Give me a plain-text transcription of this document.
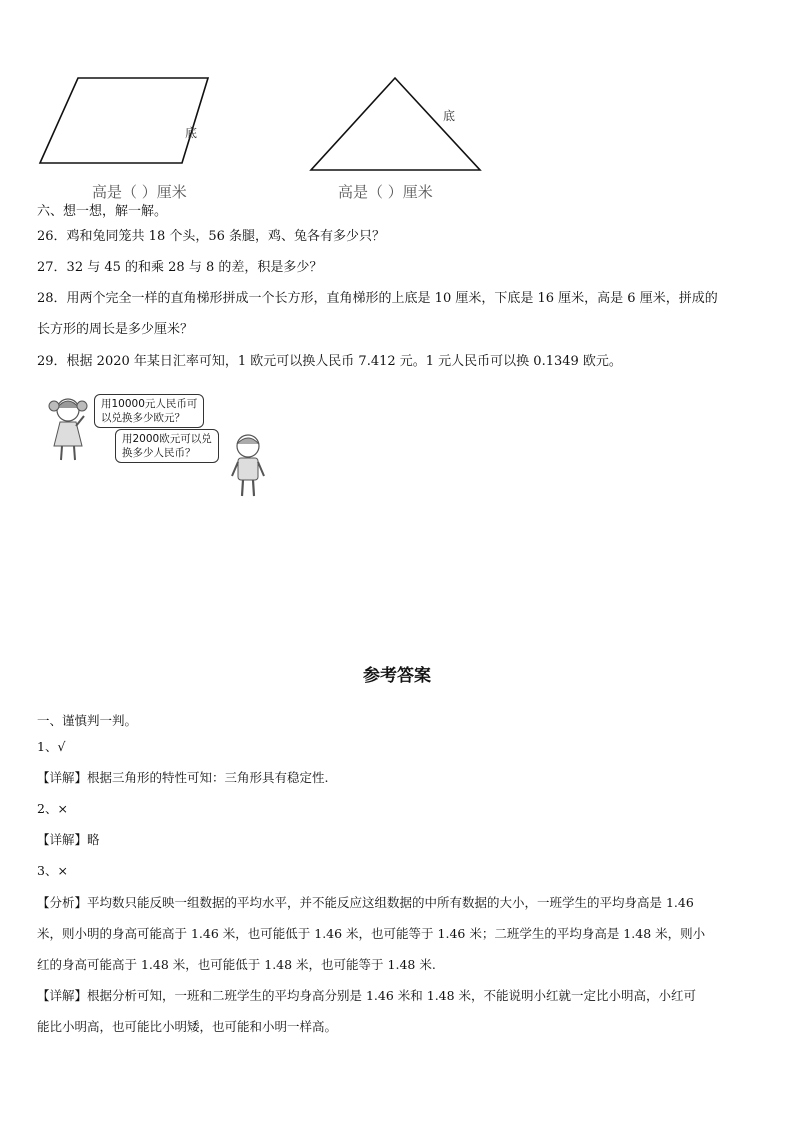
底
高是（ ）厘米
底
高是（ ）厘米
六、想一想，解一解。
26．鸡和兔同笼共 18 个头，56 条腿，鸡、兔各有多少只？
27．32 与 45 的和乘 28 与 8 的差，积是多少？
28．用两个完全一样的直角梯形拼成一个长方形，直角梯形的上底是 10 厘米，下底是 16 厘米，高是 6 厘米，拼成的
长方形的周长是多少厘米？
29．根据 2020 年某日汇率可知，1 欧元可以换人民币 7.412 元。1 元人民币可以换 0.1349 欧元。
用10000元人民币可
以兑换多少欧元？
用2000欧元可以兑
换多少人民币？
参考答案
一、谨慎判一判。
1、√
【详解】根据三角形的特性可知：三角形具有稳定性.
2、×
【详解】略
3、×
【分析】平均数只能反映一组数据的平均水平，并不能反应这组数据的中所有数据的大小，一班学生的平均身高是 1.46
米，则小明的身高可能高于 1.46 米，也可能低于 1.46 米，也可能等于 1.46 米；二班学生的平均身高是 1.48 米，则小
红的身高可能高于 1.48 米，也可能低于 1.48 米，也可能等于 1.48 米.
【详解】根据分析可知，一班和二班学生的平均身高分别是 1.46 米和 1.48 米，不能说明小红就一定比小明高，小红可
能比小明高，也可能比小明矮，也可能和小明一样高。
